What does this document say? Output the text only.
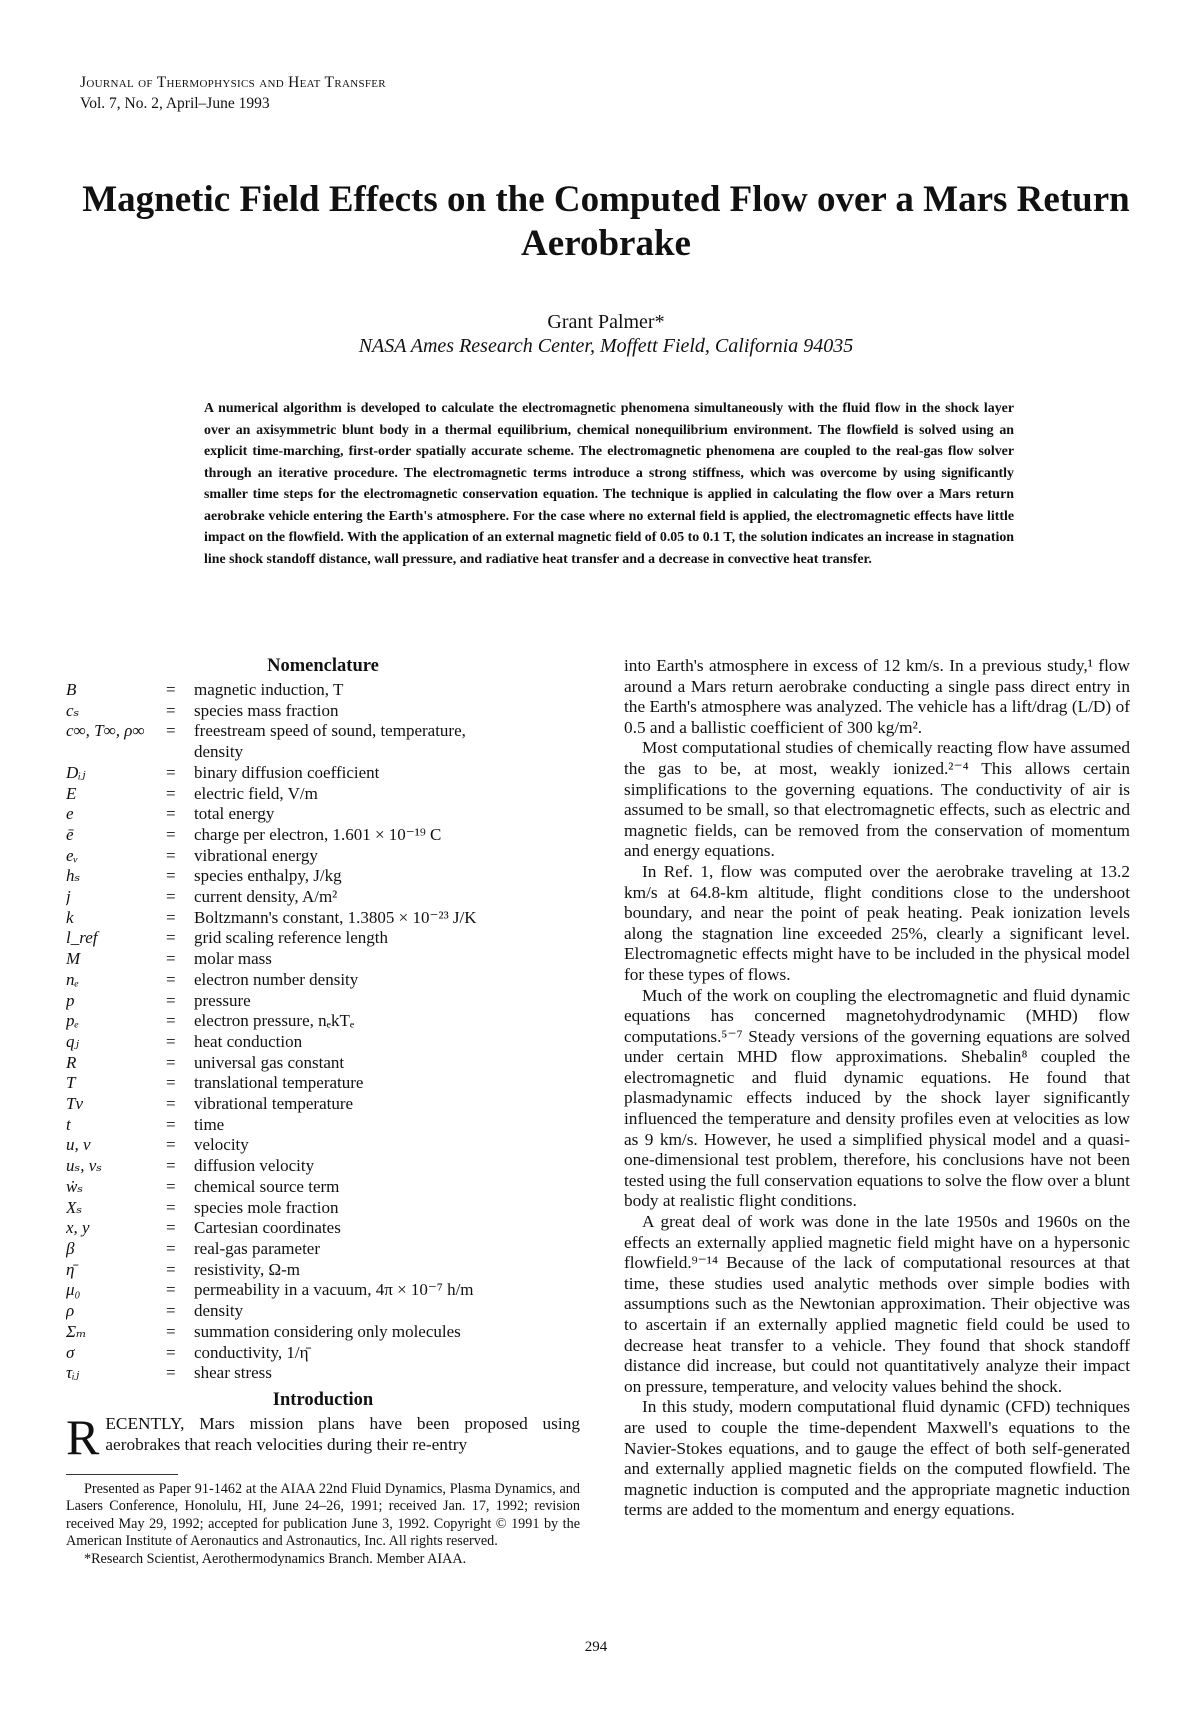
Journal of Thermophysics and Heat Transfer
Vol. 7, No. 2, April–June 1993
Magnetic Field Effects on the Computed Flow over a Mars Return Aerobrake
Grant Palmer*
NASA Ames Research Center, Moffett Field, California 94035
A numerical algorithm is developed to calculate the electromagnetic phenomena simultaneously with the fluid flow in the shock layer over an axisymmetric blunt body in a thermal equilibrium, chemical nonequilibrium environment. The flowfield is solved using an explicit time-marching, first-order spatially accurate scheme. The electromagnetic phenomena are coupled to the real-gas flow solver through an iterative procedure. The electromagnetic terms introduce a strong stiffness, which was overcome by using significantly smaller time steps for the electromagnetic conservation equation. The technique is applied in calculating the flow over a Mars return aerobrake vehicle entering the Earth's atmosphere. For the case where no external field is applied, the electromagnetic effects have little impact on the flowfield. With the application of an external magnetic field of 0.05 to 0.1 T, the solution indicates an increase in stagnation line shock standoff distance, wall pressure, and radiative heat transfer and a decrease in convective heat transfer.
Nomenclature
B	=	magnetic induction, T
cₛ	=	species mass fraction
c∞, T∞, ρ∞	=	freestream speed of sound, temperature,
density
Dᵢⱼ	=	binary diffusion coefficient
E	=	electric field, V/m
e	=	total energy
ē	=	charge per electron, 1.601 × 10⁻¹⁹ C
eᵥ	=	vibrational energy
hₛ	=	species enthalpy, J/kg
j	=	current density, A/m²
k	=	Boltzmann's constant, 1.3805 × 10⁻²³ J/K
l_ref	=	grid scaling reference length
M	=	molar mass
nₑ	=	electron number density
p	=	pressure
pₑ	=	electron pressure, nₑkTₑ
qⱼ	=	heat conduction
R	=	universal gas constant
T	=	translational temperature
Tv	=	vibrational temperature
t	=	time
u, v	=	velocity
uₛ, vₛ	=	diffusion velocity
ẇₛ	=	chemical source term
Xₛ	=	species mole fraction
x, y	=	Cartesian coordinates
β	=	real-gas parameter
η̄	=	resistivity, Ω-m
μ₀	=	permeability in a vacuum, 4π × 10⁻⁷ h/m
ρ	=	density
Σₘ	=	summation considering only molecules
σ	=	conductivity, 1/η̄
τᵢⱼ	=	shear stress
Introduction

RECENTLY, Mars mission plans have been proposed using aerobrakes that reach velocities during their re-entry

Presented as Paper 91-1462 at the AIAA 22nd Fluid Dynamics, Plasma Dynamics, and Lasers Conference, Honolulu, HI, June 24–26, 1991; received Jan. 17, 1992; revision received May 29, 1992; accepted for publication June 3, 1992. Copyright © 1991 by the American Institute of Aeronautics and Astronautics, Inc. All rights reserved.

*Research Scientist, Aerothermodynamics Branch. Member AIAA.

into Earth's atmosphere in excess of 12 km/s. In a previous study,¹ flow around a Mars return aerobrake conducting a single pass direct entry in the Earth's atmosphere was analyzed. The vehicle has a lift/drag (L/D) of 0.5 and a ballistic coefficient of 300 kg/m².

Most computational studies of chemically reacting flow have assumed the gas to be, at most, weakly ionized.²⁻⁴ This allows certain simplifications to the governing equations. The conductivity of air is assumed to be small, so that electromagnetic effects, such as electric and magnetic fields, can be removed from the conservation of momentum and energy equations.

In Ref. 1, flow was computed over the aerobrake traveling at 13.2 km/s at 64.8-km altitude, flight conditions close to the undershoot boundary, and near the point of peak heating. Peak ionization levels along the stagnation line exceeded 25%, clearly a significant level. Electromagnetic effects might have to be included in the physical model for these types of flows.

Much of the work on coupling the electromagnetic and fluid dynamic equations has concerned magnetohydrodynamic (MHD) flow computations.⁵⁻⁷ Steady versions of the governing equations are solved under certain MHD flow approximations. Shebalin⁸ coupled the electromagnetic and fluid dynamic equations. He found that plasmadynamic effects induced by the shock layer significantly influenced the temperature and density profiles even at velocities as low as 9 km/s. However, he used a simplified physical model and a quasi-one-dimensional test problem, therefore, his conclusions have not been tested using the full conservation equations to solve the flow over a blunt body at realistic flight conditions.

A great deal of work was done in the late 1950s and 1960s on the effects an externally applied magnetic field might have on a hypersonic flowfield.⁹⁻¹⁴ Because of the lack of computational resources at that time, these studies used analytic methods over simple bodies with assumptions such as the Newtonian approximation. Their objective was to ascertain if an externally applied magnetic field could be used to decrease heat transfer to a vehicle. They found that shock standoff distance did increase, but could not quantitatively analyze their impact on pressure, temperature, and velocity values behind the shock.

In this study, modern computational fluid dynamic (CFD) techniques are used to couple the time-dependent Maxwell's equations to the Navier-Stokes equations, and to gauge the effect of both self-generated and externally applied magnetic fields on the computed flowfield. The magnetic induction is computed and the appropriate magnetic induction terms are added to the momentum and energy equations.

294
